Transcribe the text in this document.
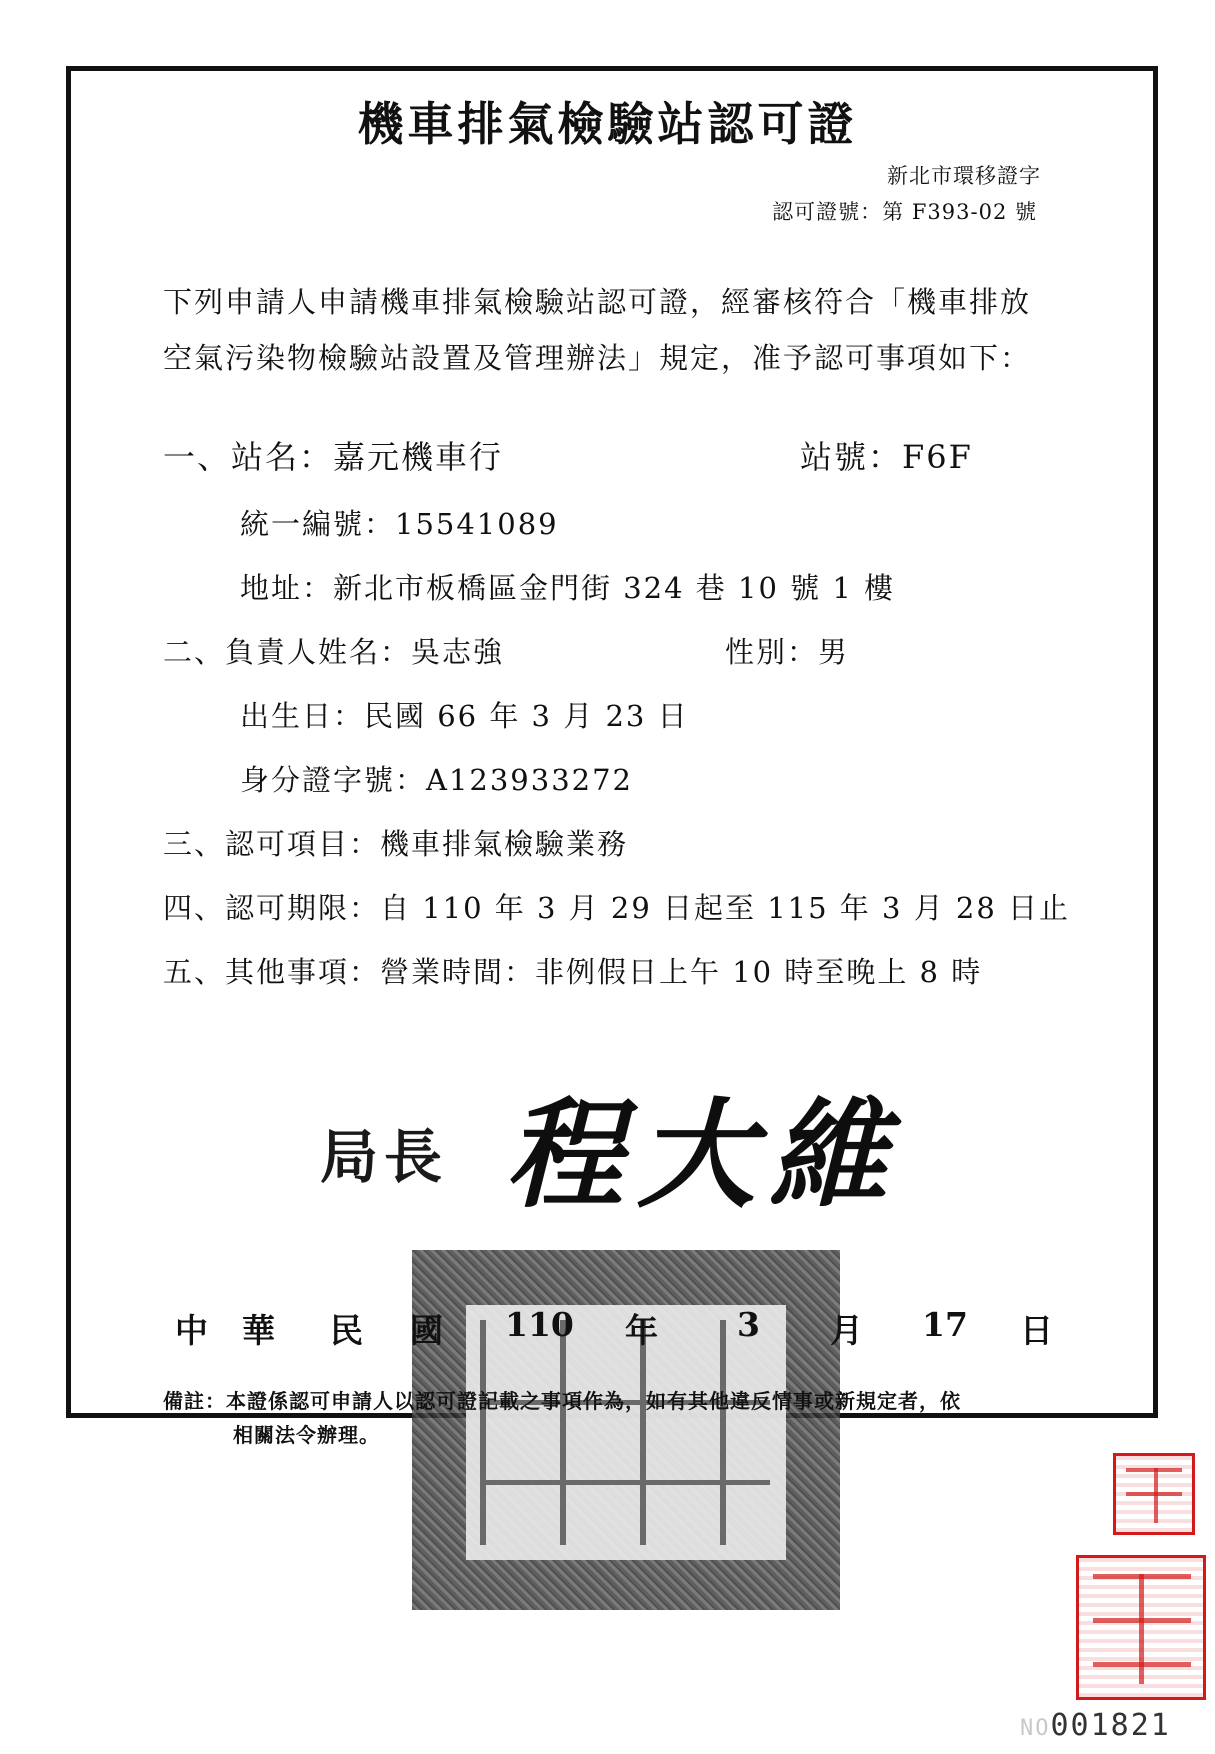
機車排氣檢驗站認可證
新北市環移證字
認可證號：第 F393-02 號
下列申請人申請機車排氣檢驗站認可證，經審核符合「機車排放
空氣污染物檢驗站設置及管理辦法」規定，准予認可事項如下：
一、站名：嘉元機車行	站號：F6F
統一編號：15541089
地址：新北市板橋區金門街 324 巷 10 號 1 樓
二、負責人姓名：吳志強	性別：男
出生日：民國 66 年 3 月 23 日
身分證字號：A123933272
三、認可項目：機車排氣檢驗業務
四、認可期限：自 110 年 3 月 29 日起至 115 年 3 月 28 日止
五、其他事項：營業時間：非例假日上午 10 時至晚上 8 時
局長 程大維
中 華 民 國 110 年 3 月 17 日
備註：本證係認可申請人以認可證記載之事項作為，如有其他違反情事或新規定者，依
相關法令辦理。
NO001821
